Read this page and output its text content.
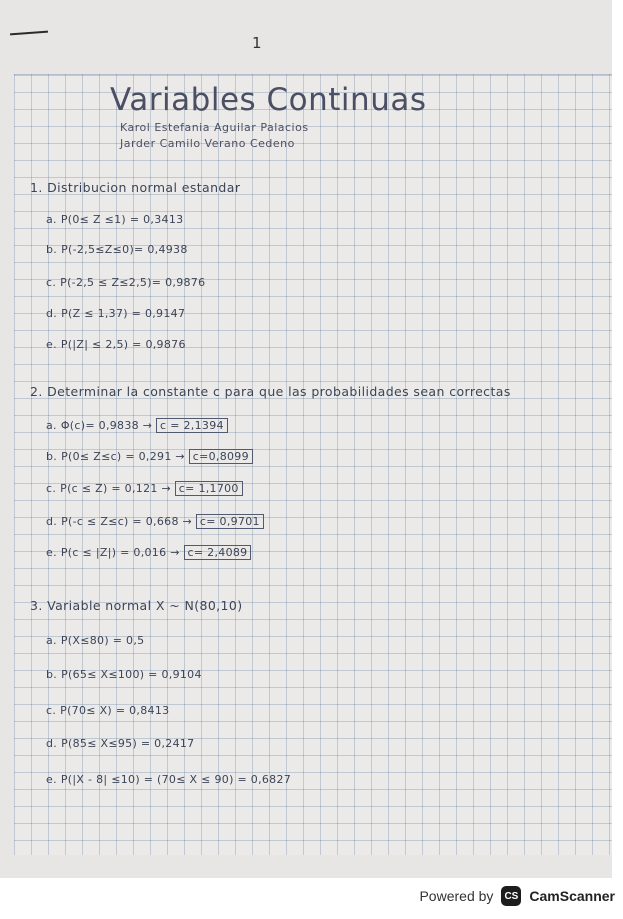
1
Variables Continuas
Karol Estefania Aguilar Palacios
Jarder Camilo Verano Cedeno
1. Distribucion normal estandar
a. P(0≤ Z ≤1) = 0,3413
b. P(-2,5≤Z≤0)= 0,4938
c. P(-2,5 ≤ Z≤2,5)= 0,9876
d. P(Z ≤ 1,37) = 0,9147
e. P(|Z| ≤ 2,5) = 0,9876
2. Determinar la constante c para que las probabilidades sean correctas
a. Φ(c)= 0,9838 → c = 2,1394
b. P(0≤ Z≤c) = 0,291 → c=0,8099
c. P(c ≤ Z) = 0,121 → c= 1,1700
d. P(-c ≤ Z≤c) = 0,668 → c= 0,9701
e. P(c ≤ |Z|) = 0,016 → c= 2,4089
3. Variable normal X ~ N(80,10)
a. P(X≤80) = 0,5
b. P(65≤ X≤100) = 0,9104
c. P(70≤ X) = 0,8413
d. P(85≤ X≤95) = 0,2417
e. P(|X - 8| ≤10) = (70≤ X ≤ 90) = 0,6827
Powered by	CS CamScanner
